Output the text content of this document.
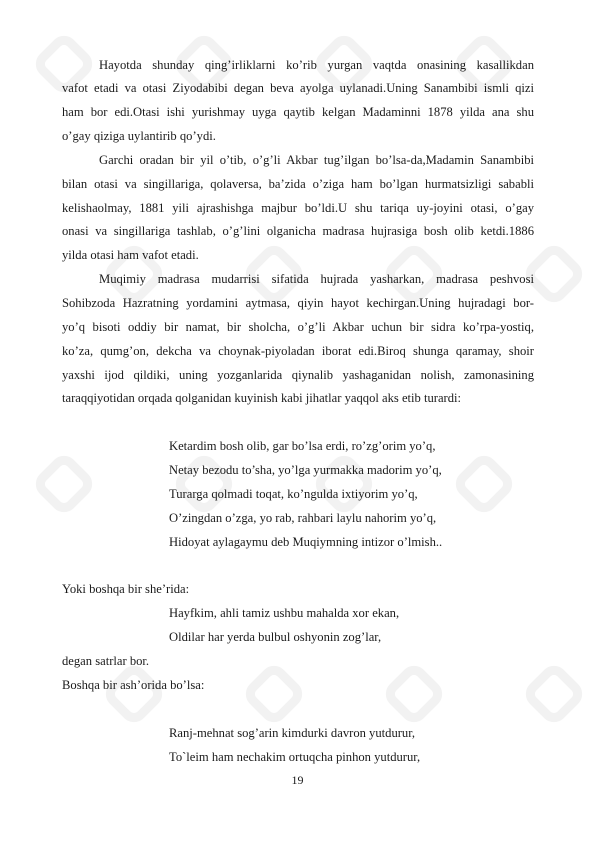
Hayotda shunday qing’irliklarni ko’rib yurgan vaqtda onasining kasallikdan
vafot etadi va otasi Ziyodabibi degan beva ayolga uylanadi.Uning Sanambibi ismli qizi
ham bor edi.Otasi ishi yurishmay uyga qaytib kelgan Madaminni 1878 yilda ana shu
o’gay qiziga uylantirib qo’ydi.
Garchi oradan bir yil o’tib, o’g’li Akbar tug’ilgan bo’lsa-da,Madamin Sanambibi
bilan otasi va singillariga, qolaversa, ba’zida o’ziga ham bo’lgan hurmatsizligi sababli
kelishaolmay, 1881 yili ajrashishga majbur bo’ldi.U shu tariqa uy-joyini otasi, o’gay
onasi va singillariga tashlab, o’g’lini olganicha madrasa hujrasiga bosh olib ketdi.1886
yilda otasi ham vafot etadi.
Muqimiy madrasa mudarrisi sifatida hujrada yasharkan, madrasa peshvosi
Sohibzoda Hazratning yordamini aytmasa, qiyin hayot kechirgan.Uning hujradagi bor-
yo’q bisoti oddiy bir namat, bir sholcha, o’g’li Akbar uchun bir sidra ko’rpa-yostiq,
ko’za, qumg’on, dekcha va choynak-piyoladan iborat edi.Biroq shunga qaramay, shoir
yaxshi ijod qildiki, uning yozganlarida qiynalib yashaganidan nolish, zamonasining
taraqqiyotidan orqada qolganidan kuyinish kabi jihatlar yaqqol aks etib turardi:
Ketardim bosh olib, gar bo’lsa erdi, ro’zg’orim yo’q,
Netay bezodu to’sha, yo’lga yurmakka madorim yo’q,
Turarga qolmadi toqat, ko’ngulda ixtiyorim yo’q,
O’zingdan o’zga, yo rab, rahbari laylu nahorim yo’q,
Hidoyat aylagaymu deb Muqiymning intizor o’lmish..
Yoki boshqa bir she’rida:
Hayfkim, ahli tamiz ushbu mahalda xor ekan,
Oldilar har yerda bulbul oshyonin zog’lar,
degan satrlar bor.
Boshqa bir ash’orida bo’lsa:
Ranj-mehnat sog’arin kimdurki davron yutdurur,
To`leim ham nechakim ortuqcha pinhon yutdurur,
19
